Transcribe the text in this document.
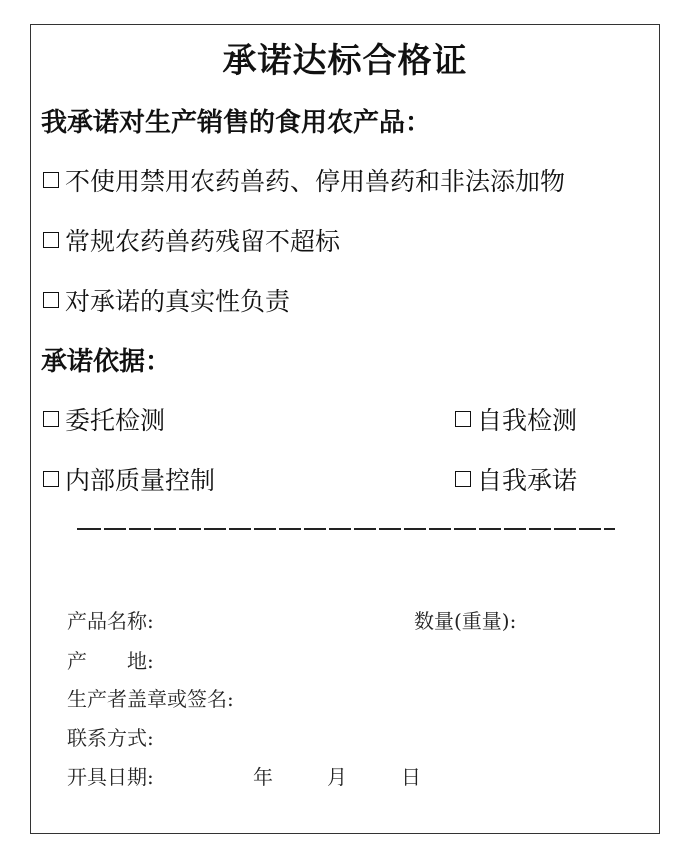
承诺达标合格证
我承诺对生产销售的食用农产品：
不使用禁用农药兽药、停用兽药和非法添加物
常规农药兽药残留不超标
对承诺的真实性负责
承诺依据：
委托检测	自我检测
内部质量控制	自我承诺
产品名称:	数量(重量):
产　　地:
生产者盖章或签名:
联系方式:
开具日期:	年	月	日
